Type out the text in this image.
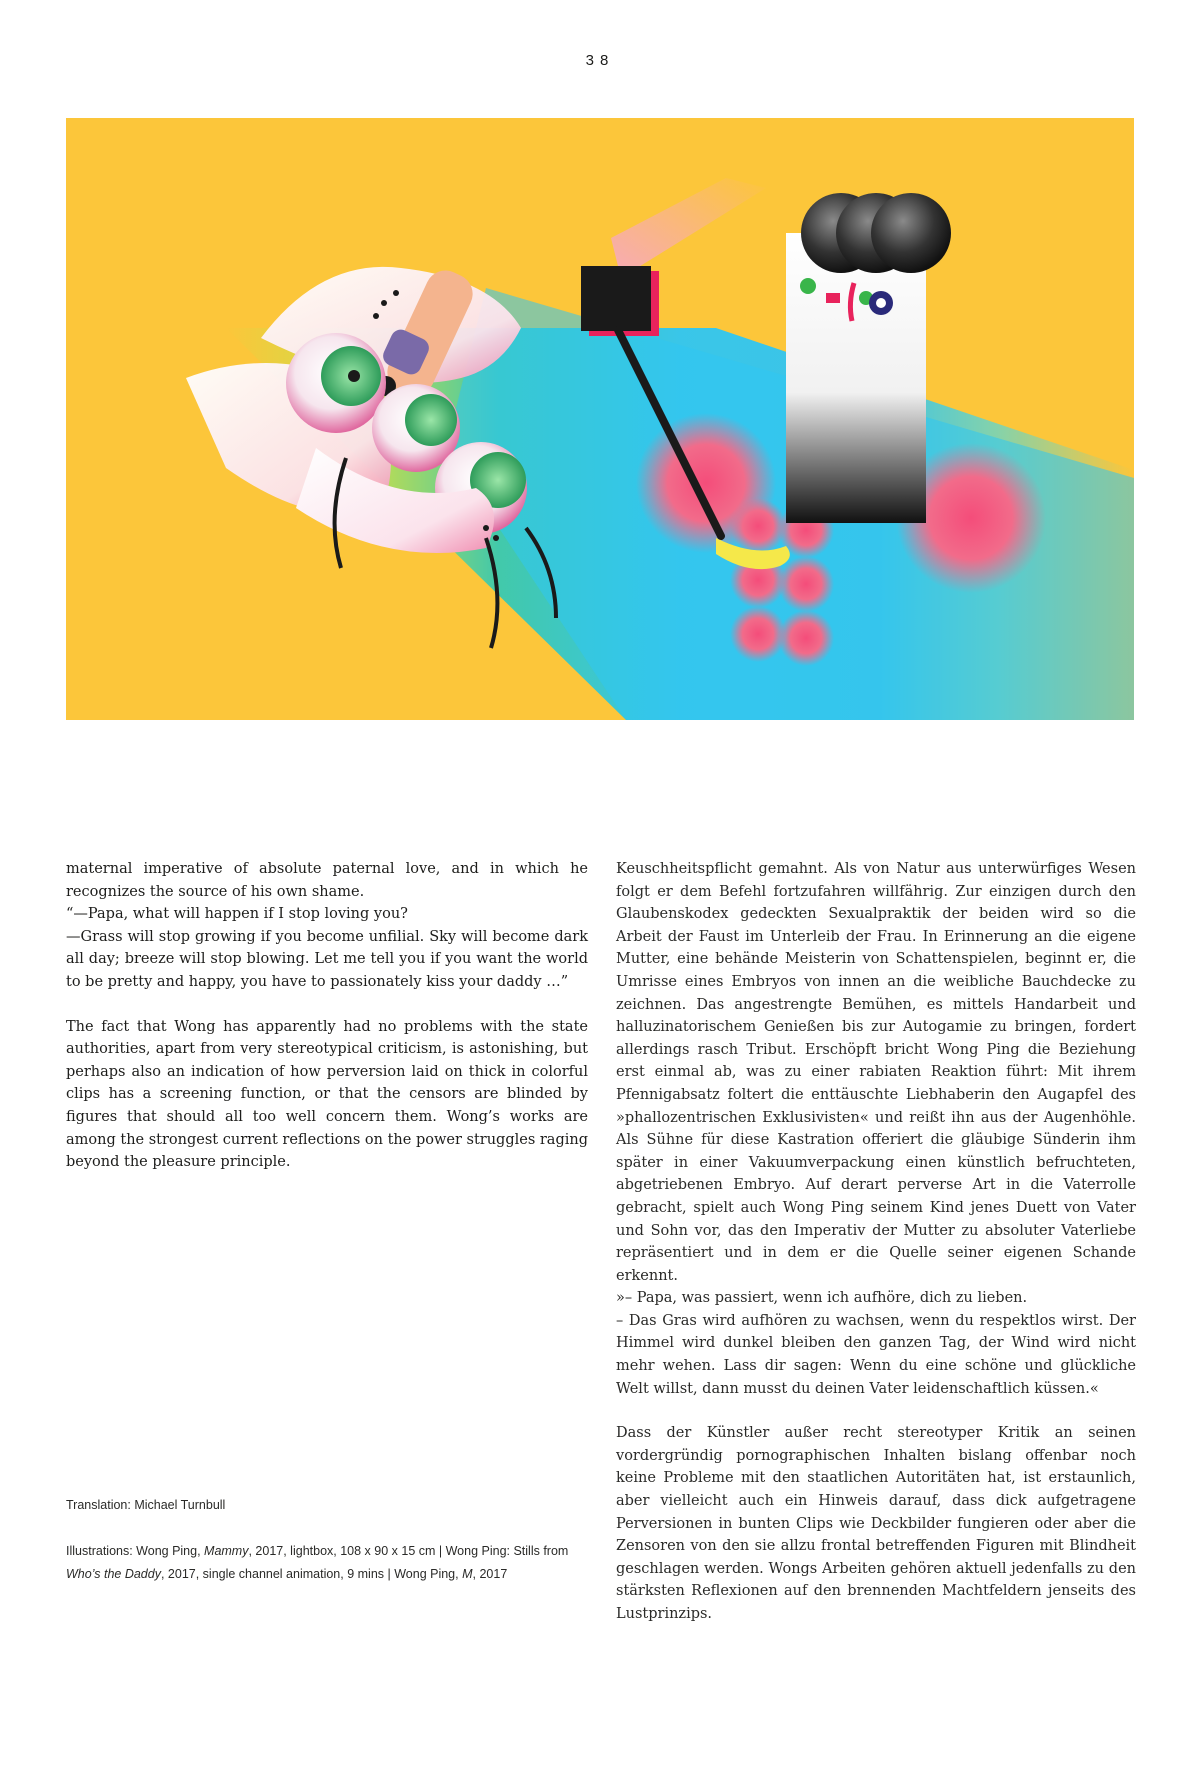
38

maternal imperative of absolute paternal love, and in which he recognizes the source of his own shame.

“—Papa, what will happen if I stop loving you?

—Grass will stop growing if you become unfilial. Sky will become dark all day; breeze will stop blowing. Let me tell you if you want the world to be pretty and happy, you have to passionately kiss your daddy …”

The fact that Wong has apparently had no problems with the state authorities, apart from very stereotypical criticism, is astonishing, but perhaps also an indication of how perversion laid on thick in colorful clips has a screening function, or that the censors are blinded by figures that should all too well concern them. Wong’s works are among the strongest current reflections on the power struggles raging beyond the pleasure principle.

Keuschheitspflicht gemahnt. Als von Natur aus unterwürfiges Wesen folgt er dem Befehl fortzufahren willfährig. Zur einzigen durch den Glaubenskodex gedeckten Sexualpraktik der beiden wird so die Arbeit der Faust im Unterleib der Frau. In Erinnerung an die eigene Mutter, eine behände Meisterin von Schattenspielen, beginnt er, die Umrisse eines Embryos von innen an die weibliche Bauchdecke zu zeichnen. Das angestrengte Bemühen, es mittels Handarbeit und halluzinatorischem Genießen bis zur Autogamie zu bringen, fordert allerdings rasch Tribut. Erschöpft bricht Wong Ping die Beziehung erst einmal ab, was zu einer rabiaten Reaktion führt: Mit ihrem Pfennigabsatz foltert die enttäuschte Liebhaberin den Augapfel des »phallozentrischen Exklusivisten« und reißt ihn aus der Augenhöhle. Als Sühne für diese Kastration offeriert die gläubige Sünderin ihm später in einer Vakuumverpackung einen künstlich befruchteten, abgetriebenen Embryo. Auf derart perverse Art in die Vaterrolle gebracht, spielt auch Wong Ping seinem Kind jenes Duett von Vater und Sohn vor, das den Imperativ der Mutter zu absoluter Vaterliebe repräsentiert und in dem er die Quelle seiner eigenen Schande erkennt.

»– Papa, was passiert, wenn ich aufhöre, dich zu lieben.

– Das Gras wird aufhören zu wachsen, wenn du respektlos wirst. Der Himmel wird dunkel bleiben den ganzen Tag, der Wind wird nicht mehr wehen. Lass dir sagen: Wenn du eine schöne und glückliche Welt willst, dann musst du deinen Vater leidenschaftlich küssen.«

Dass der Künstler außer recht stereotyper Kritik an seinen vordergründig pornographischen Inhalten bislang offenbar noch keine Probleme mit den staatlichen Autoritäten hat, ist erstaunlich, aber vielleicht auch ein Hinweis darauf, dass dick aufgetragene Perversionen in bunten Clips wie Deckbilder fungieren oder aber die Zensoren von den sie allzu frontal betreffenden Figuren mit Blindheit geschlagen werden. Wongs Arbeiten gehören aktuell jedenfalls zu den stärksten Reflexionen auf den brennenden Machtfeldern jenseits des Lustprinzips.

Translation: Michael Turnbull
Illustrations: Wong Ping, Mammy, 2017, lightbox, 108 x 90 x 15 cm | Wong Ping: Stills from Who’s the Daddy, 2017, single channel animation, 9 mins | Wong Ping, M, 2017
